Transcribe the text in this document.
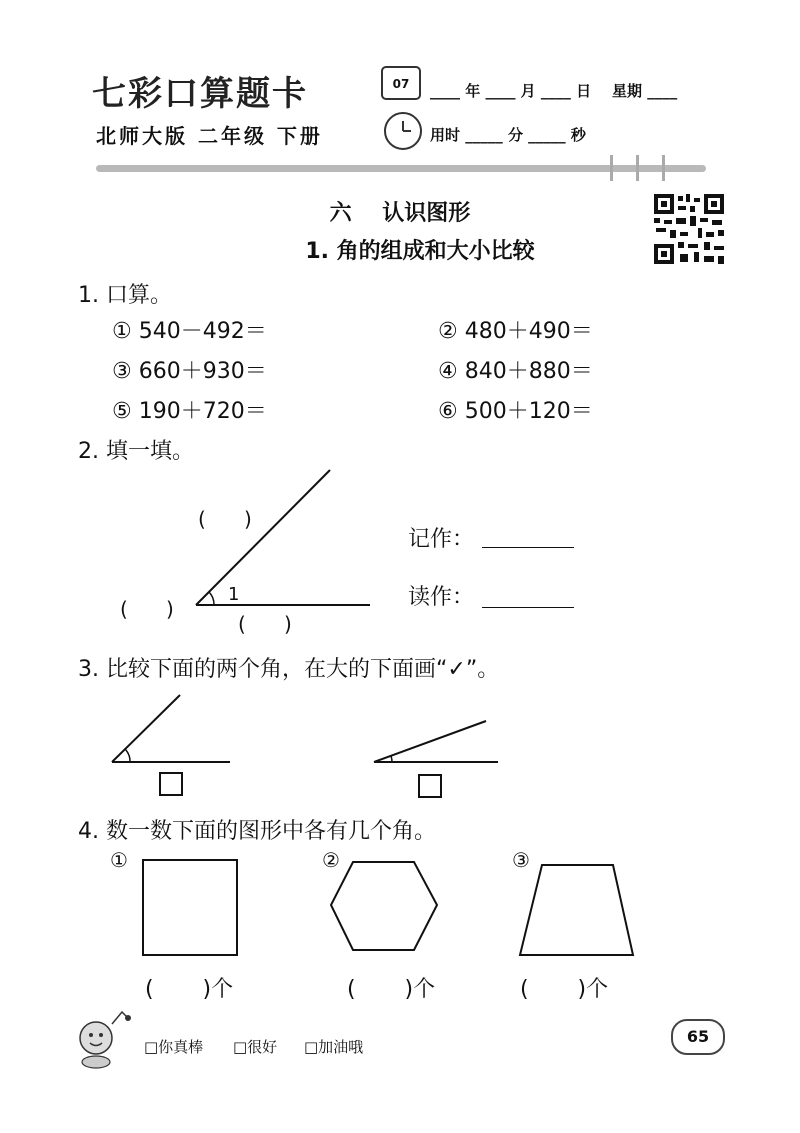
七彩口算题卡
北师大版 二年级 下册
07	____ 年 ____ 月 ____ 日    星期 ____
用时 _____ 分 _____ 秒
六    认识图形
1. 角的组成和大小比较
1. 口算。
① 540－492＝	② 480＋490＝
③ 660＋930＝	④ 840＋880＝
⑤ 190＋720＝	⑥ 500＋120＝
2. 填一填。
(      )
(      )
(      )
1
记作：
读作：
3. 比较下面的两个角，在大的下面画“✓”。
4. 数一数下面的图形中各有几个角。
①	②	③
(       )个	(       )个	(       )个
□你真棒 □很好 □加油哦
65
